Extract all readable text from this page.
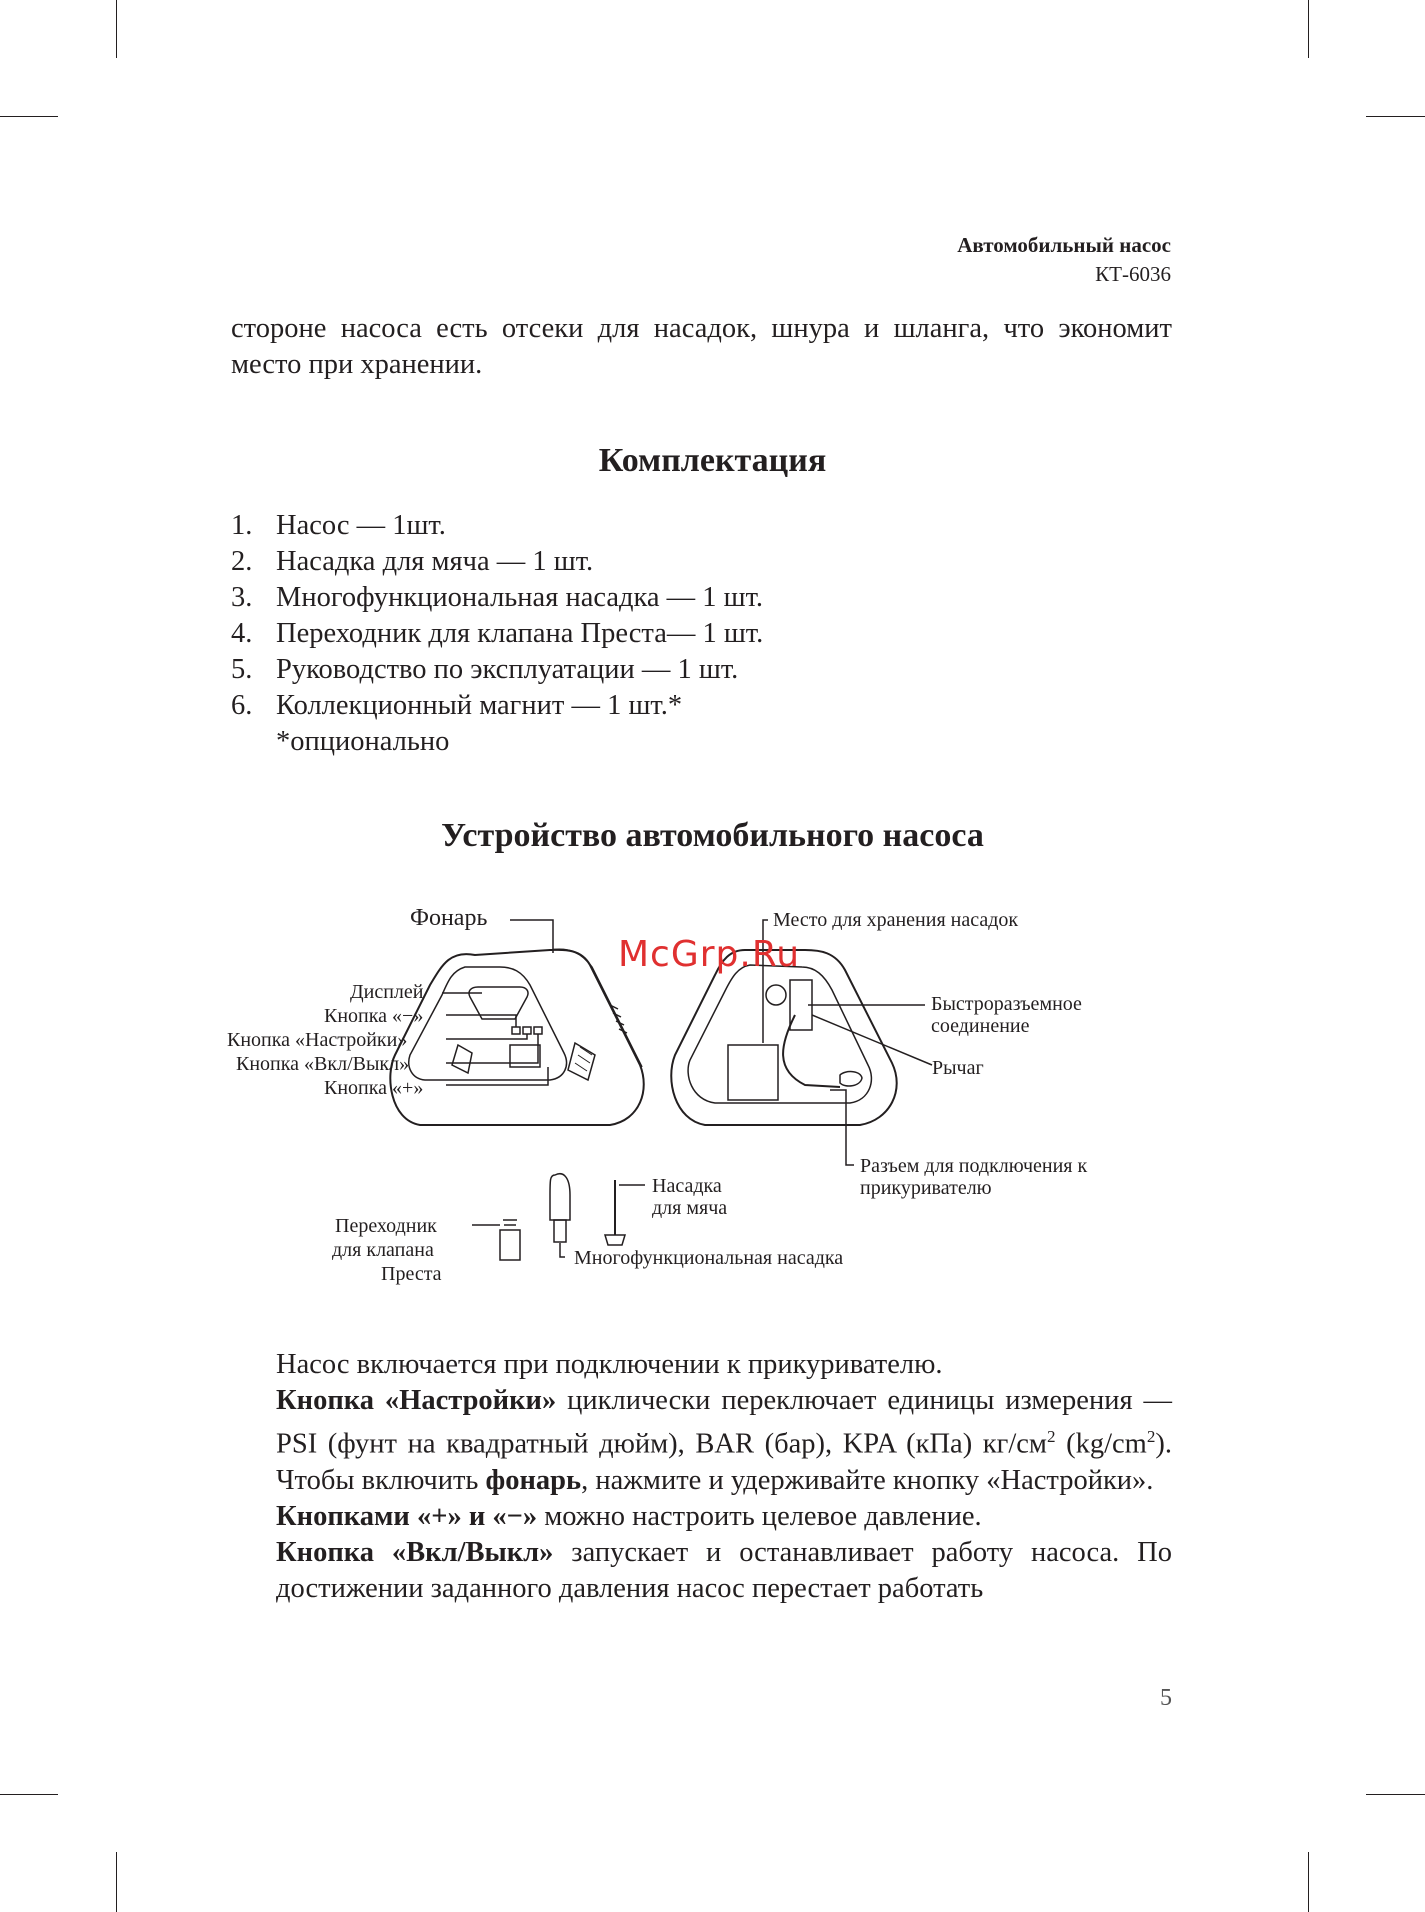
Автомобильный насос
КТ-6036
стороне насоса есть отсеки для насадок, шнура и шланга, что экономит место при хранении.
Комплектация
1. Насос — 1шт.
2. Насадка для мяча — 1 шт.
3. Многофункциональная насадка — 1 шт.
4. Переходник для клапана Преста— 1 шт.
5. Руководство по эксплуатации — 1 шт.
6. Коллекционный магнит — 1 шт.*
*опционально
Устройство автомобильного насоса
Фонарь
Дисплей
Кнопка «−»
Кнопка «Настройки»
Кнопка «Вкл/Выкл»
Кнопка «+»
Место для хранения насадок
Быстроразъемное
соединение
Рычаг
Разъем для подключения к
прикуривателю
Насадка
для мяча
Переходник
для клапана
Преста
Многофункциональная насадка
McGrp.Ru
Насос включается при подключении к прикуривателю.
Кнопка «Настройки» циклически переключает единицы измерения — PSI (фунт на квадратный дюйм), BAR (бар), KPA (кПа) $кг/см^2$ $(kg/cm^2)$. Чтобы включить фонарь, нажмите и удерживайте кнопку «Настройки».
Кнопками «+» и «−» можно настроить целевое давление.
Кнопка «Вкл/Выкл» запускает и останавливает работу насоса. По достижении заданного давления насос перестает работать
5
